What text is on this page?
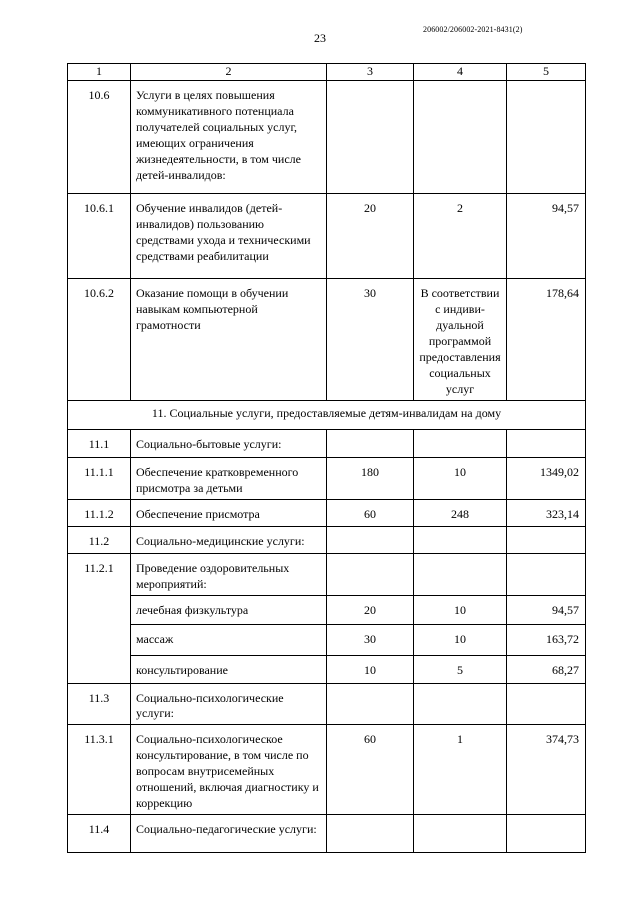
206002/206002-2021-8431(2)
23
1	2	3	4	5
10.6	Услуги в целях повышения коммуникативного потенциала получателей социальных услуг, имеющих ограничения жизнедеятельности, в том числе детей-инвалидов:			
10.6.1	Обучение инвалидов (детей-инвалидов) пользованию средствами ухода и техническими средствами реабилитации	20	2	94,57
10.6.2	Оказание помощи в обучении навыкам компьютерной грамотности	30	В соответствии с индиви-дуальной программой предоставления социальных услуг	178,64
11. Социальные услуги, предоставляемые детям-инвалидам на дому				
11.1	Социально-бытовые услуги:			
11.1.1	Обеспечение кратковременного присмотра за детьми	180	10	1349,02
11.1.2	Обеспечение присмотра	60	248	323,14
11.2	Социально-медицинские услуги:			
11.2.1	Проведение оздоровительных мероприятий:			
	лечебная физкультура	20	10	94,57
	массаж	30	10	163,72
	консультирование	10	5	68,27
11.3	Социально-психологические услуги:			
11.3.1	Социально-психологическое консультирование, в том числе по вопросам внутрисемейных отношений, включая диагностику и коррекцию	60	1	374,73
11.4	Социально-педагогические услуги:			
